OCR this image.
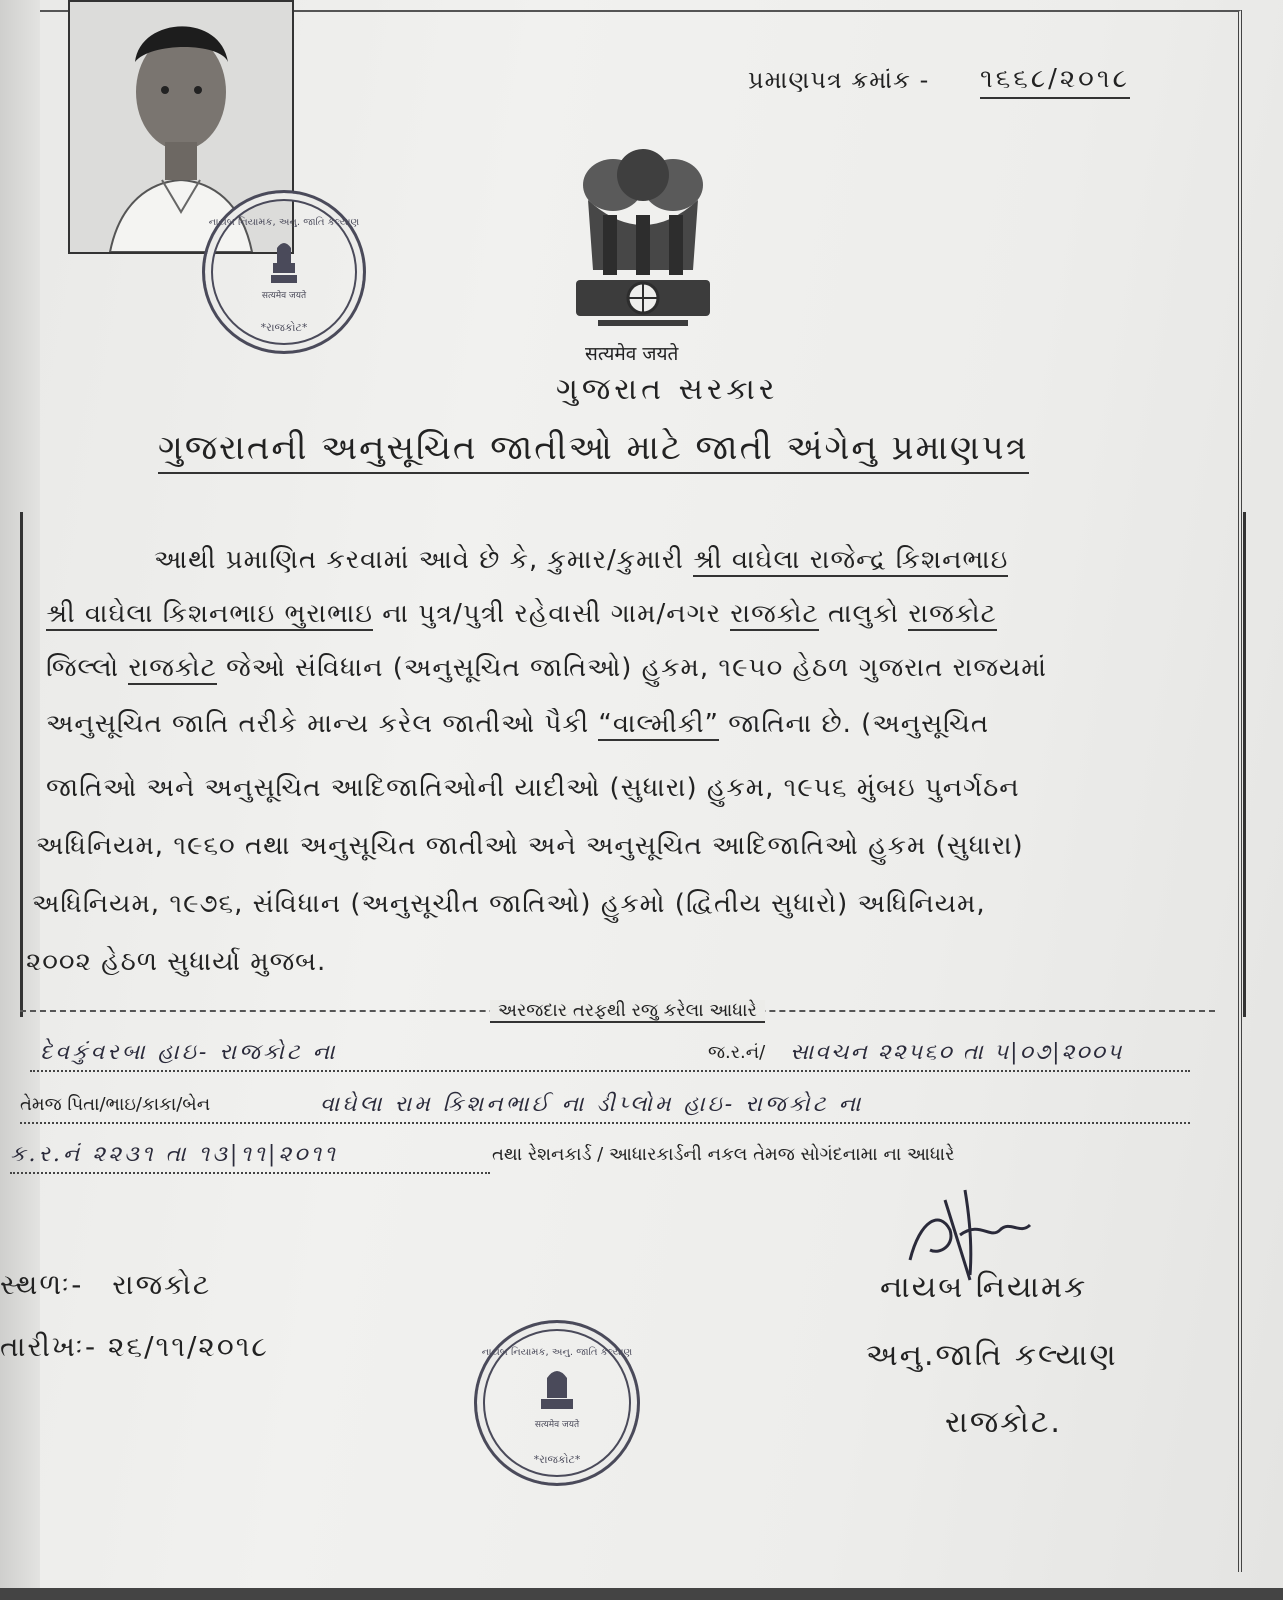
सत्यमेव जयते
*રાજકોટ*
નાયબ નિયામક, અનુ. જાતિ કલ્યાણ
પ્રમાણપત્ર ક્રમાંક - ૧૬૬૮/૨૦૧૮
सत्यमेव जयते
ગુજરાત સરકાર
ગુજરાતની અનુસૂચિત જાતીઓ માટે જાતી અંગેનુ પ્રમાણપત્ર
આથી પ્રમાણિત કરવામાં આવે છે કે, કુમાર/કુમારી શ્રી વાઘેલા રાજેન્દ્ર કિશનભાઇ
શ્રી વાઘેલા કિશનભાઇ ભુરાભાઇ ના પુત્ર/પુત્રી રહેવાસી ગામ/નગર રાજકોટ તાલુકો રાજકોટ
જિલ્લો રાજકોટ જેઓ સંવિધાન (અનુસૂચિત જાતિઓ) હુકમ, ૧૯૫૦ હેઠળ ગુજરાત રાજયમાં
અનુસૂચિત જાતિ તરીકે માન્ય કરેલ જાતીઓ પૈકી “વાલ્મીકી” જાતિના છે. (અનુસૂચિત
જાતિઓ અને અનુસૂચિત આદિજાતિઓની યાદીઓ (સુધારા) હુકમ, ૧૯૫૬ મુંબઇ પુનર્ગઠન
અધિનિયમ, ૧૯૬૦ તથા અનુસૂચિત જાતીઓ અને અનુસૂચિત આદિજાતિઓ હુકમ (સુધારા)
અધિનિયમ, ૧૯૭૬, સંવિધાન (અનુસૂચીત જાતિઓ) હુકમો (દ્વિતીય સુધારો) અધિનિયમ,
૨૦૦૨ હેઠળ સુધાર્યા મુજબ.
અરજદાર તરફથી રજુ કરેલા આધારે
દેવકુંવરબા હાઇ- રાજકોટ ના	જ.ર.નં/ સાવચન ૨૨૫૬૦ તા ૫|૦૭|૨૦૦૫
તેમજ પિતા/ભાઇ/કાકા/બેન	વાઘેલા રામ કિશનભાઈ ના ડીપ્લોમ હાઇ- રાજકોટ ના
ક.ર.નં ૨૨૩૧ તા ૧૩|૧૧|૨૦૧૧	તથા રેશનકાર્ડ / આધારકાર્ડની નકલ તેમજ સોગંદનામા ના આધારે
સ્થળઃ- રાજકોટ
તારીખઃ- ૨૬/૧૧/૨૦૧૮
નાયબ નિયામક
અનુ.જાતિ કલ્યાણ
રાજકોટ.
सत्यमेव जयते
*રાજકોટ*
નાયબ નિયામક, અનુ. જાતિ કલ્યાણ
